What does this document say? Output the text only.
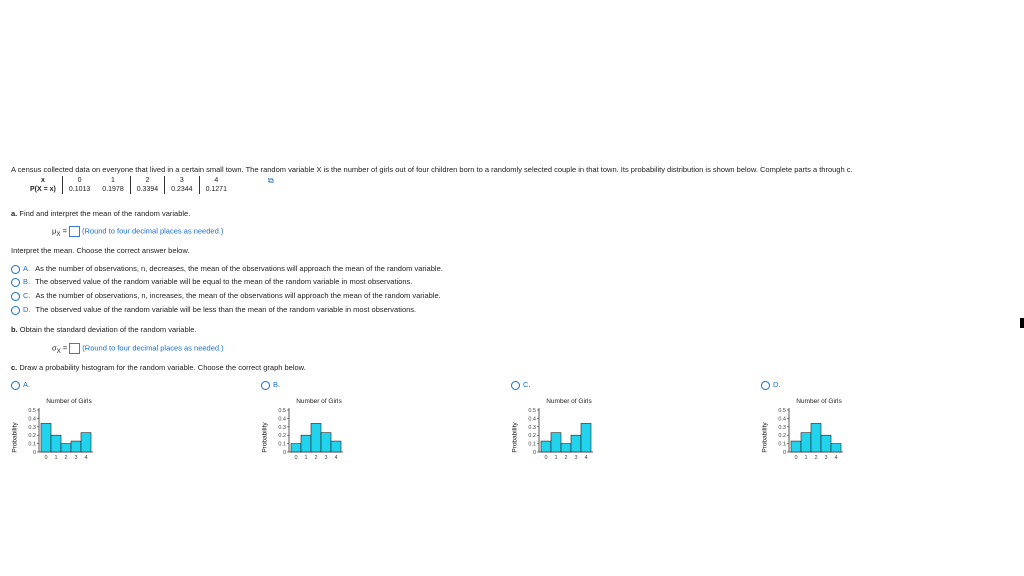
A census collected data on everyone that lived in a certain small town. The random variable X is the number of girls out of four children born to a randomly selected couple in that town. Its probability distribution is shown below. Complete parts a through c.
x	0	1	2	3	4
P(X = x)	0.1013	0.1978	0.3394	0.2344	0.1271
⧉
a. Find and interpret the mean of the random variable.
$\mu_X$ = (Round to four decimal places as needed.)
Interpret the mean. Choose the correct answer below.
A. As the number of observations, n, decreases, the mean of the observations will approach the mean of the random variable.
B. The observed value of the random variable will be equal to the mean of the random variable in most observations.
C. As the number of observations, n, increases, the mean of the observations will approach the mean of the random variable.
D. The observed value of the random variable will be less than the mean of the random variable in most observations.
b. Obtain the standard deviation of the random variable.
$\sigma_X$ = (Round to four decimal places as needed.)
c. Draw a probability histogram for the random variable. Choose the correct graph below.
A.	B.	C.	D.
Number of Girls
Probability
0
0.1
0.2
0.3
0.4
0.5
0 1 2 3 4
Number of Girls
Probability
0
0.1
0.2
0.3
0.4
0.5
0 1 2 3 4
Number of Girls
Probability
0
0.1
0.2
0.3
0.4
0.5
0 1 2 3 4
Number of Girls
Probability
0
0.1
0.2
0.3
0.4
0.5
0 1 2 3 4
